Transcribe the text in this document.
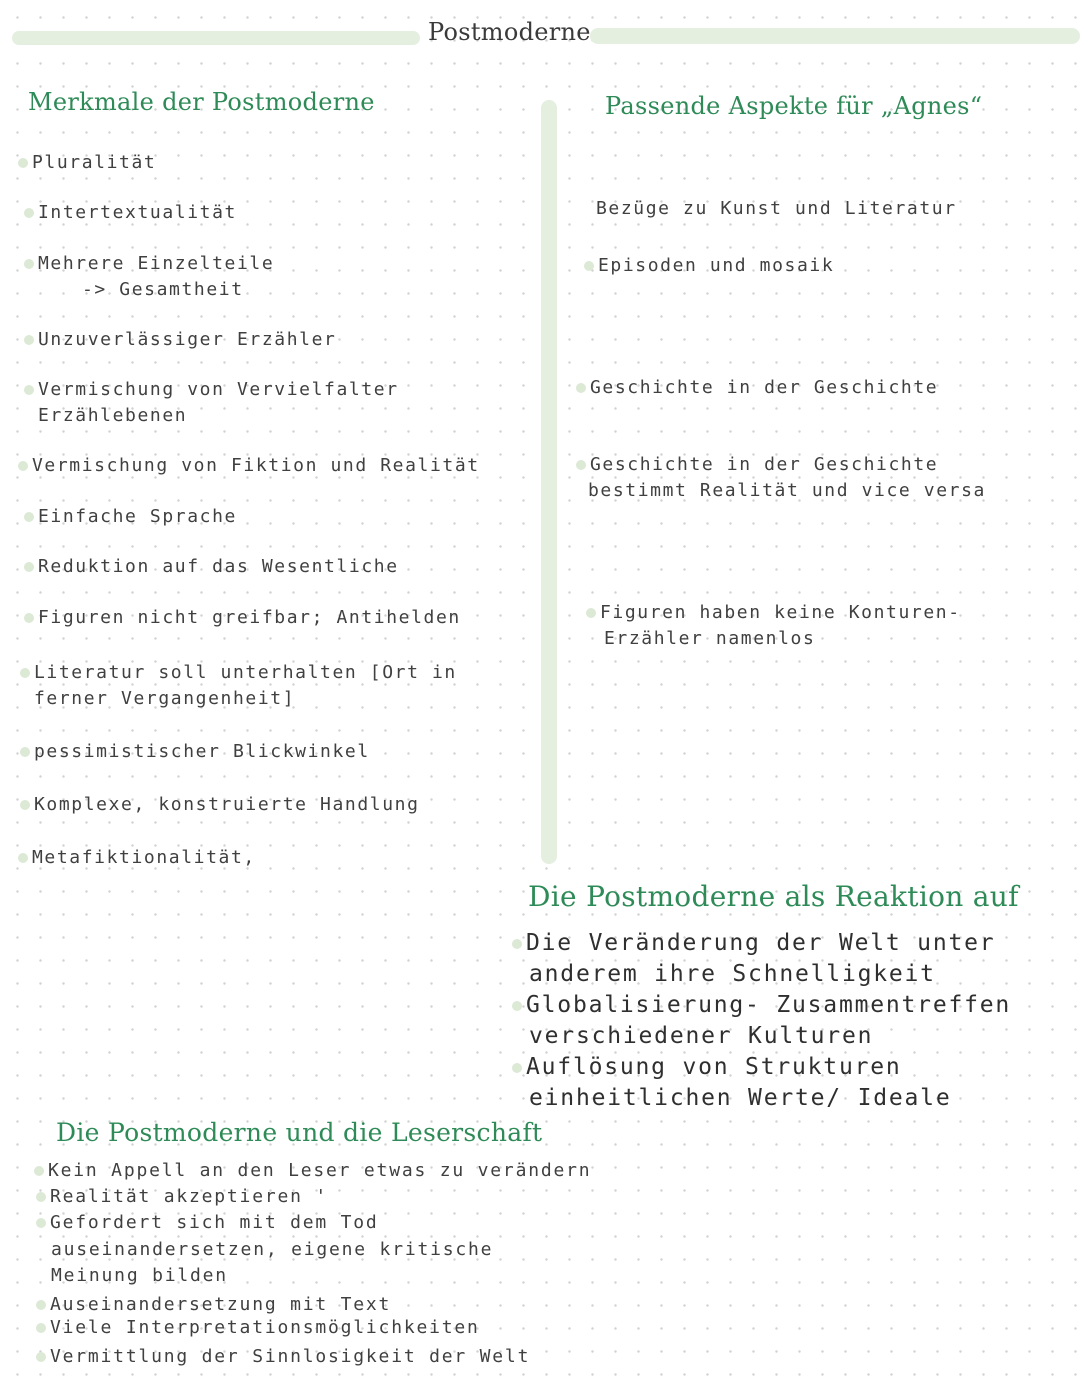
Postmoderne
Merkmale der Postmoderne
Pluralität
Intertextualität
Mehrere Einzelteile
-> Gesamtheit
Unzuverlässiger Erzähler
Vermischung von Vervielfalter
Erzählebenen
Vermischung von Fiktion und Realität
Einfache Sprache
Reduktion auf das Wesentliche
Figuren nicht greifbar; Antihelden
Literatur soll unterhalten [Ort in
ferner Vergangenheit]
pessimistischer Blickwinkel
Komplexe, konstruierte Handlung
Metafiktionalität,
Passende Aspekte für „Agnes“
Bezüge zu Kunst und Literatur
Episoden und mosaik
Geschichte in der Geschichte
Geschichte in der Geschichte
bestimmt Realität und vice versa
Figuren haben keine Konturen-
Erzähler namenlos
Die Postmoderne als Reaktion auf
Die Veränderung der Welt unter
anderem ihre Schnelligkeit
Globalisierung- Zusammentreffen
verschiedener Kulturen
Auflösung von Strukturen
einheitlichen Werte/ Ideale
Die Postmoderne und die Leserschaft
Kein Appell an den Leser etwas zu verändern
Realität akzeptieren '
Gefordert sich mit dem Tod
auseinandersetzen, eigene kritische
Meinung bilden
Auseinandersetzung mit Text
Viele Interpretationsmöglichkeiten
Vermittlung der Sinnlosigkeit der Welt
